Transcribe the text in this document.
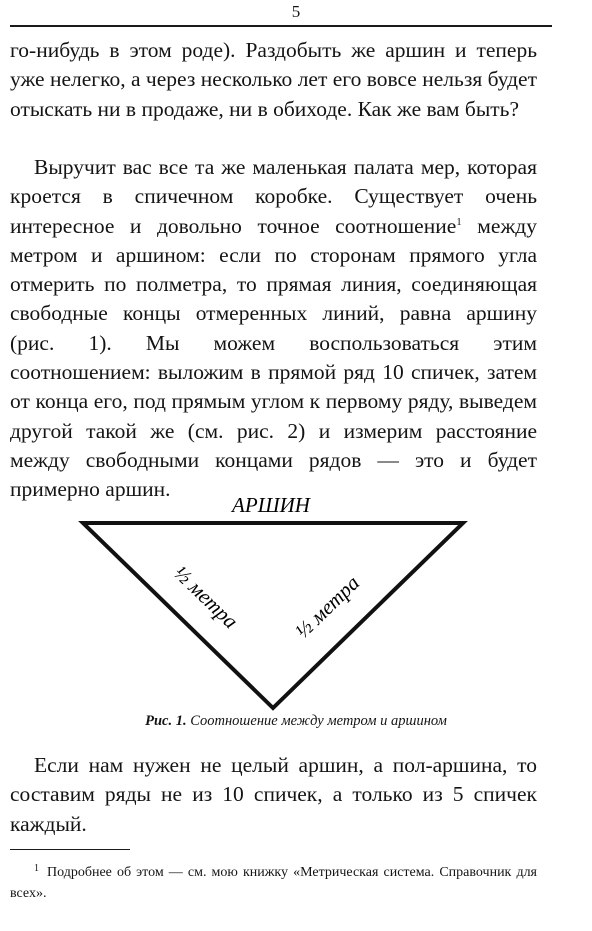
5

го-нибудь в этом роде). Раздобыть же аршин и теперь уже нелегко, а через несколько лет его вовсе нельзя будет отыскать ни в продаже, ни в обиходе. Как же вам быть?

Выручит вас все та же маленькая палата мер, которая кроется в спичечном коробке. Существует очень интересное и довольно точное соотношение$^1$ между метром и аршином: если по сторонам прямого угла отмерить по полметра, то прямая линия, соединяющая свободные концы отмеренных линий, равна аршину (рис. 1). Мы можем воспользоваться этим соотношением: выложим в прямой ряд 10 спичек, затем от конца его, под прямым углом к первому ряду, выведем другой такой же (см. рис. 2) и измерим расстояние между свободными концами рядов — это и будет примерно аршин.

АРШИН
½ метра ½ метра
Рис. 1. Соотношение между метром и аршином

Если нам нужен не целый аршин, а пол-аршина, то составим ряды не из 10 спичек, а только из 5 спичек каждый.

$^1$ Подробнее об этом — см. мою книжку «Метрическая система. Справочник для всех».
